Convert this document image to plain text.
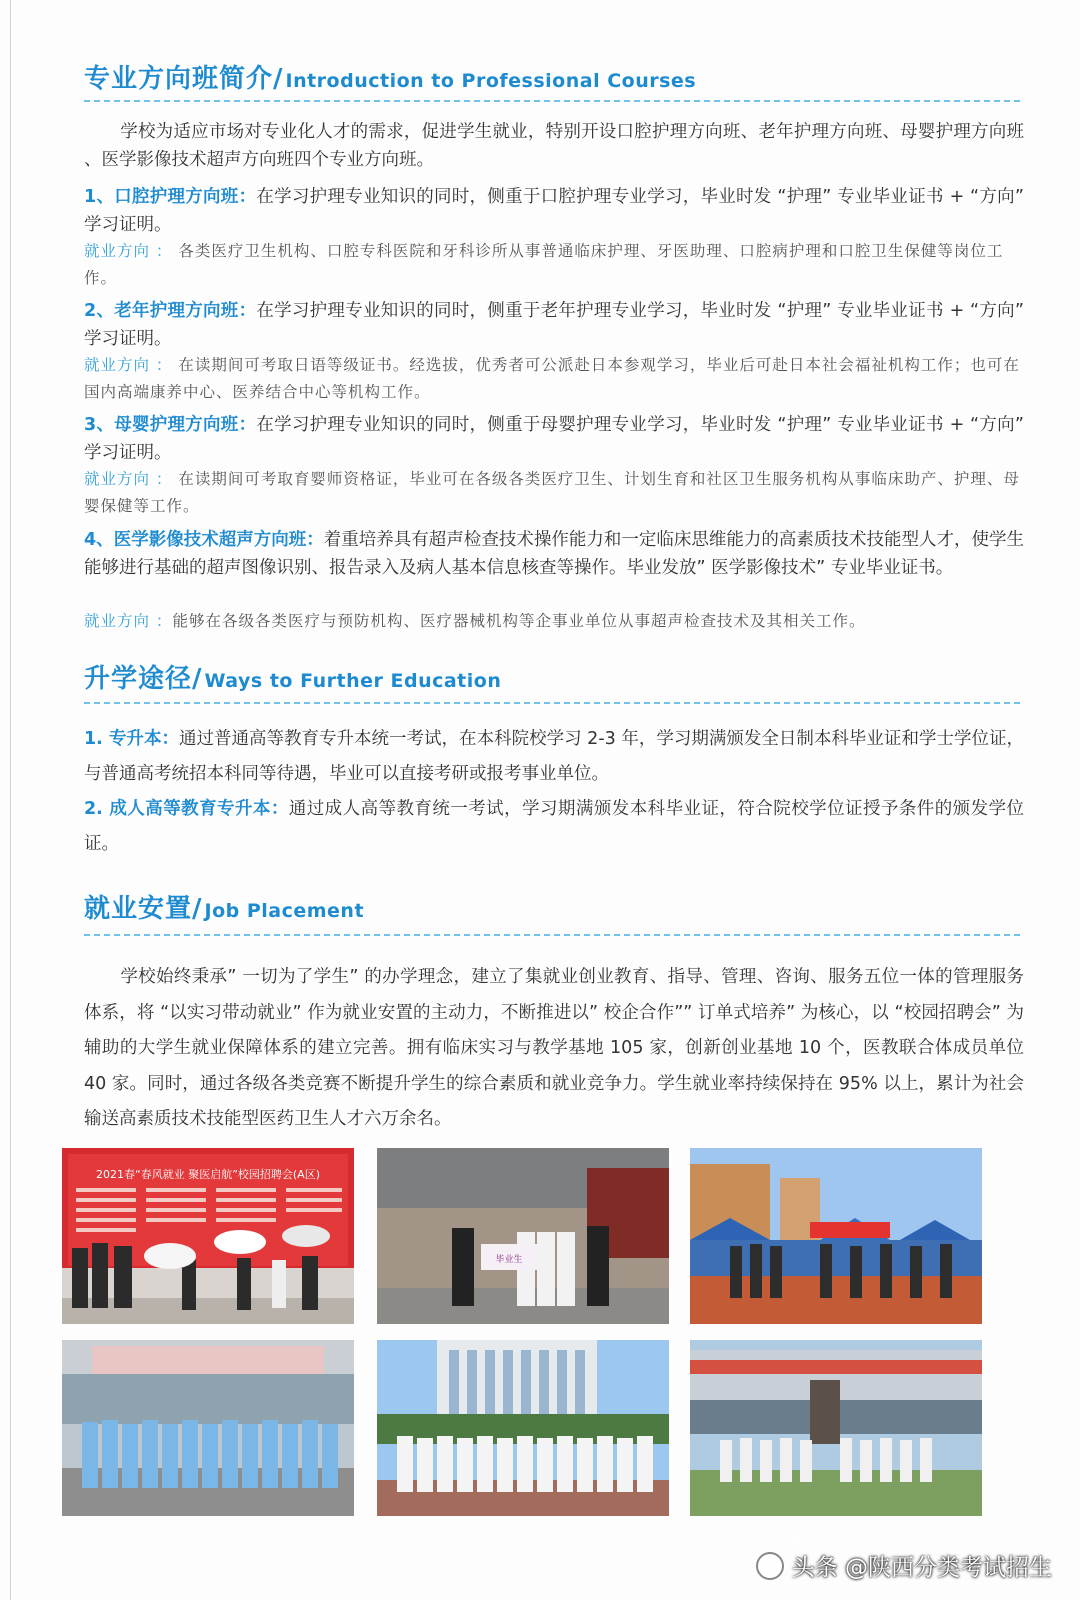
专业方向班简介/ Introduction to Professional Courses

学校为适应市场对专业化人才的需求，促进学生就业，特别开设口腔护理方向班、老年护理方向班、母婴护理方向班 、医学影像技术超声方向班四个专业方向班。

1、口腔护理方向班：在学习护理专业知识的同时，侧重于口腔护理专业学习，毕业时发 “护理” 专业毕业证书 + “方向” 学习证明。

就业方向 ： 各类医疗卫生机构、口腔专科医院和牙科诊所从事普通临床护理、牙医助理、口腔病护理和口腔卫生保健等岗位工作。

2、老年护理方向班：在学习护理专业知识的同时，侧重于老年护理专业学习，毕业时发 “护理” 专业毕业证书 + “方向” 学习证明。

就业方向 ： 在读期间可考取日语等级证书。经选拔，优秀者可公派赴日本参观学习，毕业后可赴日本社会福祉机构工作；也可在国内高端康养中心、医养结合中心等机构工作。

3、母婴护理方向班：在学习护理专业知识的同时，侧重于母婴护理专业学习，毕业时发 “护理” 专业毕业证书 + “方向” 学习证明。

就业方向 ： 在读期间可考取育婴师资格证，毕业可在各级各类医疗卫生、计划生育和社区卫生服务机构从事临床助产、护理、母婴保健等工作。

4、医学影像技术超声方向班：着重培养具有超声检查技术操作能力和一定临床思维能力的高素质技术技能型人才，使学生能够进行基础的超声图像识别、报告录入及病人基本信息核查等操作。毕业发放” 医学影像技术” 专业毕业证书。

就业方向 ：能够在各级各类医疗与预防机构、医疗器械机构等企事业单位从事超声检查技术及其相关工作。

升学途径/ Ways to Further Education

1. 专升本：通过普通高等教育专升本统一考试，在本科院校学习 2-3 年，学习期满颁发全日制本科毕业证和学士学位证，与普通高考统招本科同等待遇，毕业可以直接考研或报考事业单位。

2. 成人高等教育专升本：通过成人高等教育统一考试，学习期满颁发本科毕业证，符合院校学位证授予条件的颁发学位证。

就业安置/ Job Placement

学校始终秉承” 一切为了学生” 的办学理念，建立了集就业创业教育、指导、管理、咨询、服务五位一体的管理服务体系，将 “以实习带动就业” 作为就业安置的主动力，不断推进以” 校企合作”” 订单式培养” 为核心，以 “校园招聘会” 为辅助的大学生就业保障体系的建立完善。拥有临床实习与教学基地 105 家，创新创业基地 10 个，医教联合体成员单位 40 家。同时，通过各级各类竞赛不断提升学生的综合素质和就业竞争力。学生就业率持续保持在 95% 以上，累计为社会输送高素质技术技能型医药卫生人才六万余名。

2021春“春风就业 聚医启航”校园招聘会(A区)
毕业生
陕西分类考试招生信息平台
头条 @陕西分类考试招生
